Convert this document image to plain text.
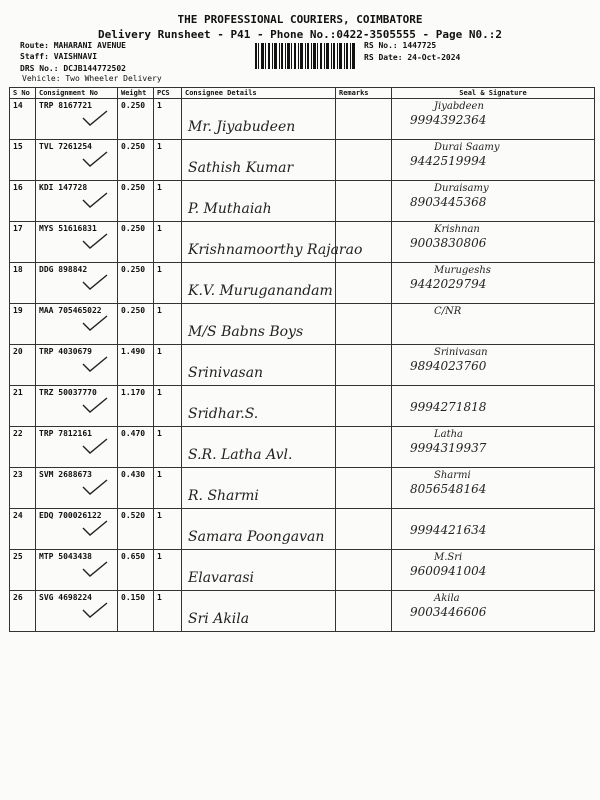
THE PROFESSIONAL COURIERS, COIMBATORE
Delivery Runsheet - P41 - Phone No.:0422-3505555 - Page N0.:2
Route: MAHARANI AVENUE
Staff: VAISHNAVI
DRS No.: DCJB144772502
Vehicle: Two Wheeler Delivery
RS No.: 1447725
RS Date: 24-Oct-2024
S No	Consignment No	Weight	PCS	Consignee Details	Remarks	Seal & Signature
14	TRP 8167721	0.250	1	Mr. Jiyabudeen		Jiyabdeen
9994392364

15	TVL 7261254	0.250	1	Sathish Kumar		Durai Saamy
9442519994

16	KDI 147728	0.250	1	P. Muthaiah		Duraisamy
8903445368

17	MYS 51616831	0.250	1	Krishnamoorthy Rajarao		Krishnan
9003830806

18	DDG 898842	0.250	1	K.V. Muruganandam		Murugeshs
9442029794

19	MAA 705465022	0.250	1	M/S Babns Boys		C/NR

20	TRP 4030679	1.490	1	Srinivasan		Srinivasan
9894023760

21	TRZ 50037770	1.170	1	Sridhar.S.		9994271818

22	TRP 7812161	0.470	1	S.R. Latha Avl.		Latha
9994319937

23	SVM 2688673	0.430	1	R. Sharmi		Sharmi
8056548164

24	EDQ 700026122	0.520	1	Samara Poongavan		9994421634

25	MTP 5043438	0.650	1	Elavarasi		M.Sri
9600941004

26	SVG 4698224	0.150	1	Sri Akila		Akila
9003446606
